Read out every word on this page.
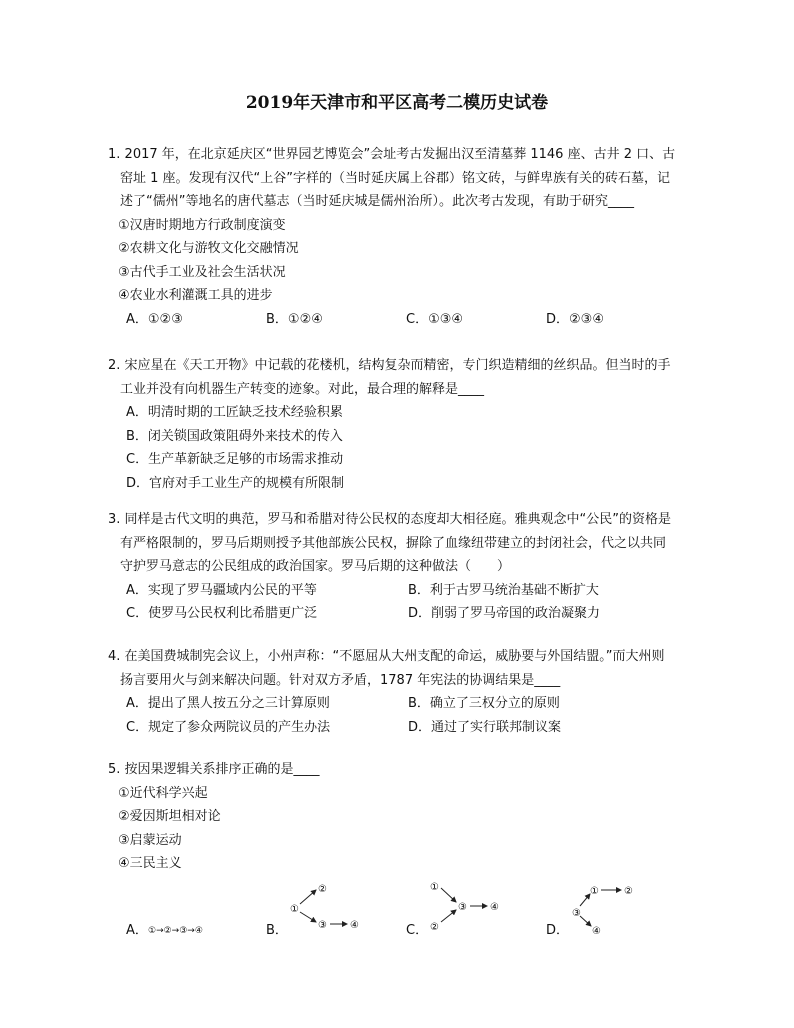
2019年天津市和平区高考二模历史试卷

1. 2017 年，在北京延庆区“世界园艺博览会”会址考古发掘出汉至清墓葬 1146 座、古井 2 口、古
窑址 1 座。发现有汉代“上谷”字样的（当时延庆属上谷郡）铭文砖，与鲜卑族有关的砖石墓，记
述了“儒州”等地名的唐代墓志（当时延庆城是儒州治所）。此次考古发现，有助于研究____

①汉唐时期地方行政制度演变
②农耕文化与游牧文化交融情况
③古代手工业及社会生活状况
④农业水利灌溉工具的进步
A．①②③	B．①②④	C．①③④	D．②③④

2. 宋应星在《天工开物》中记载的花楼机，结构复杂而精密，专门织造精细的丝织品。但当时的手
工业并没有向机器生产转变的迹象。对此，最合理的解释是____

A．明清时期的工匠缺乏技术经验积累
B．闭关锁国政策阻碍外来技术的传入
C．生产革新缺乏足够的市场需求推动
D．官府对手工业生产的规模有所限制

3. 同样是古代文明的典范，罗马和希腊对待公民权的态度却大相径庭。雅典观念中“公民”的资格是
有严格限制的，罗马后期则授予其他部族公民权，摒除了血缘纽带建立的封闭社会，代之以共同
守护罗马意志的公民组成的政治国家。罗马后期的这种做法（　　）

A．实现了罗马疆域内公民的平等	B．利于古罗马统治基础不断扩大
C．使罗马公民权利比希腊更广泛	D．削弱了罗马帝国的政治凝聚力

4. 在美国费城制宪会议上，小州声称：“不愿屈从大州支配的命运，威胁要与外国结盟。”而大州则
扬言要用火与剑来解决问题。针对双方矛盾，1787 年宪法的协调结果是____

A．提出了黑人按五分之三计算原则	B．确立了三权分立的原则
C．规定了参众两院议员的产生办法	D．通过了实行联邦制议案

5. 按因果逻辑关系排序正确的是____

①近代科学兴起
②爱因斯坦相对论
③启蒙运动
④三民主义
A． ①→②→③→④	B．
①
②
③ ④	C．
①
②
③ ④
D．
③
①	②
④
